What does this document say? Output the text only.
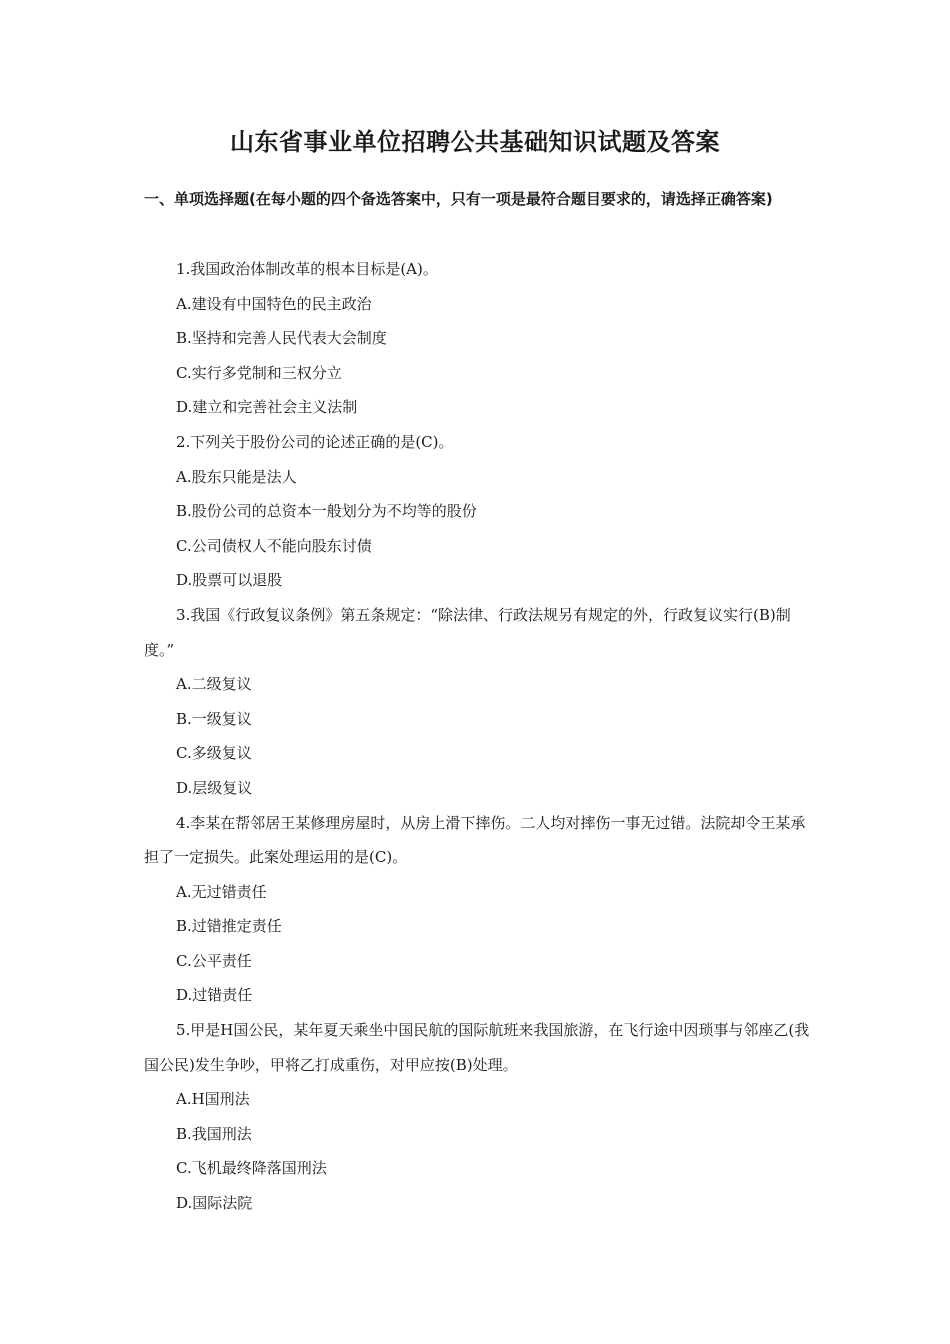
山东省事业单位招聘公共基础知识试题及答案
一、单项选择题(在每小题的四个备选答案中，只有一项是最符合题目要求的，请选择正确答案)

1.我国政治体制改革的根本目标是(A)。

A.建设有中国特色的民主政治

B.坚持和完善人民代表大会制度

C.实行多党制和三权分立

D.建立和完善社会主义法制

2.下列关于股份公司的论述正确的是(C)。

A.股东只能是法人

B.股份公司的总资本一般划分为不均等的股份

C.公司债权人不能向股东讨债

D.股票可以退股

3.我国《行政复议条例》第五条规定：“除法律、行政法规另有规定的外，行政复议实行(B)制度。”

A.二级复议

B.一级复议

C.多级复议

D.层级复议

4.李某在帮邻居王某修理房屋时，从房上滑下摔伤。二人均对摔伤一事无过错。法院却令王某承担了一定损失。此案处理运用的是(C)。

A.无过错责任

B.过错推定责任

C.公平责任

D.过错责任

5.甲是H国公民，某年夏天乘坐中国民航的国际航班来我国旅游，在飞行途中因琐事与邻座乙(我国公民)发生争吵，甲将乙打成重伤，对甲应按(B)处理。

A.H国刑法

B.我国刑法

C.飞机最终降落国刑法

D.国际法院
